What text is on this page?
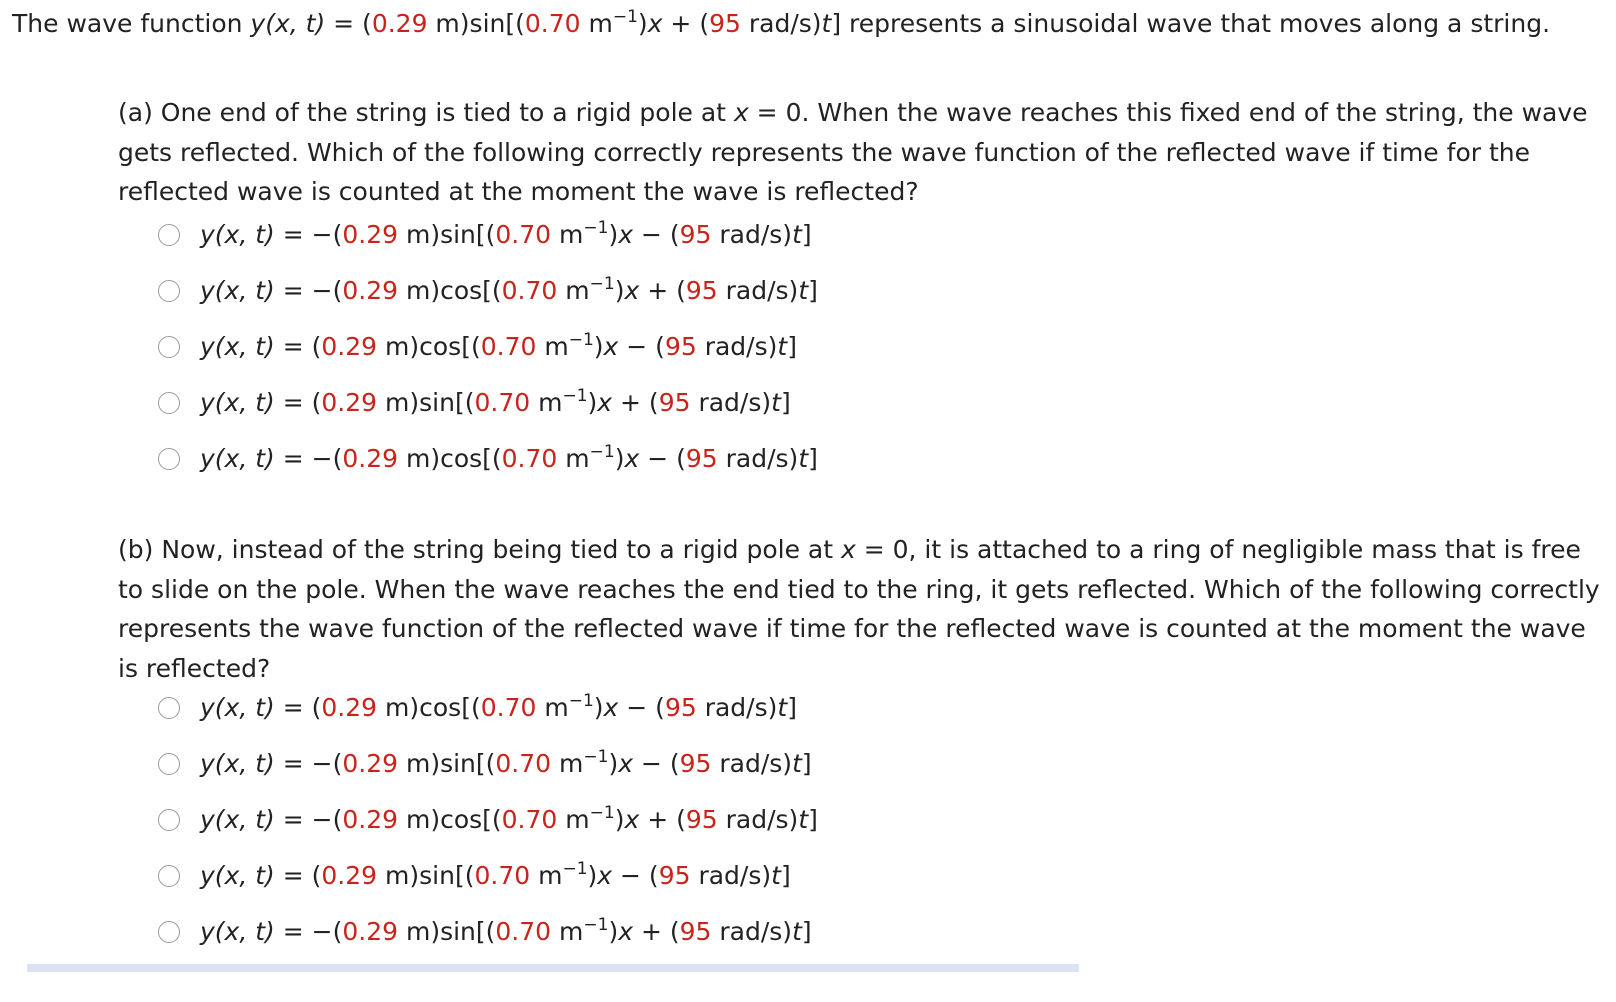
The wave function y(x, t) = (0.29 m)sin[(0.70 $m^{-1})x + (95$ rad/s)t] represents a sinusoidal wave that moves along a string.
(a) One end of the string is tied to a rigid pole at x = 0. When the wave reaches this fixed end of the string, the wave gets reflected. Which of the following correctly represents the wave function of the reflected wave if time for the reflected wave is counted at the moment the wave is reflected?
y(x, t) = −(0.29 m)sin[(0.70 $m^{-1})x - (95$ rad/s)t]
y(x, t) = −(0.29 m)cos[(0.70 $m^{-1})x + (95$ rad/s)t]
y(x, t) = (0.29 m)cos[(0.70 $m^{-1})x - (95$ rad/s)t]
y(x, t) = (0.29 m)sin[(0.70 $m^{-1})x + (95$ rad/s)t]
y(x, t) = −(0.29 m)cos[(0.70 $m^{-1})x - (95$ rad/s)t]
(b) Now, instead of the string being tied to a rigid pole at x = 0, it is attached to a ring of negligible mass that is free to slide on the pole. When the wave reaches the end tied to the ring, it gets reflected. Which of the following correctly represents the wave function of the reflected wave if time for the reflected wave is counted at the moment the wave is reflected?
y(x, t) = (0.29 m)cos[(0.70 $m^{-1})x - (95$ rad/s)t]
y(x, t) = −(0.29 m)sin[(0.70 $m^{-1})x - (95$ rad/s)t]
y(x, t) = −(0.29 m)cos[(0.70 $m^{-1})x + (95$ rad/s)t]
y(x, t) = (0.29 m)sin[(0.70 $m^{-1})x - (95$ rad/s)t]
y(x, t) = −(0.29 m)sin[(0.70 $m^{-1})x + (95$ rad/s)t]
